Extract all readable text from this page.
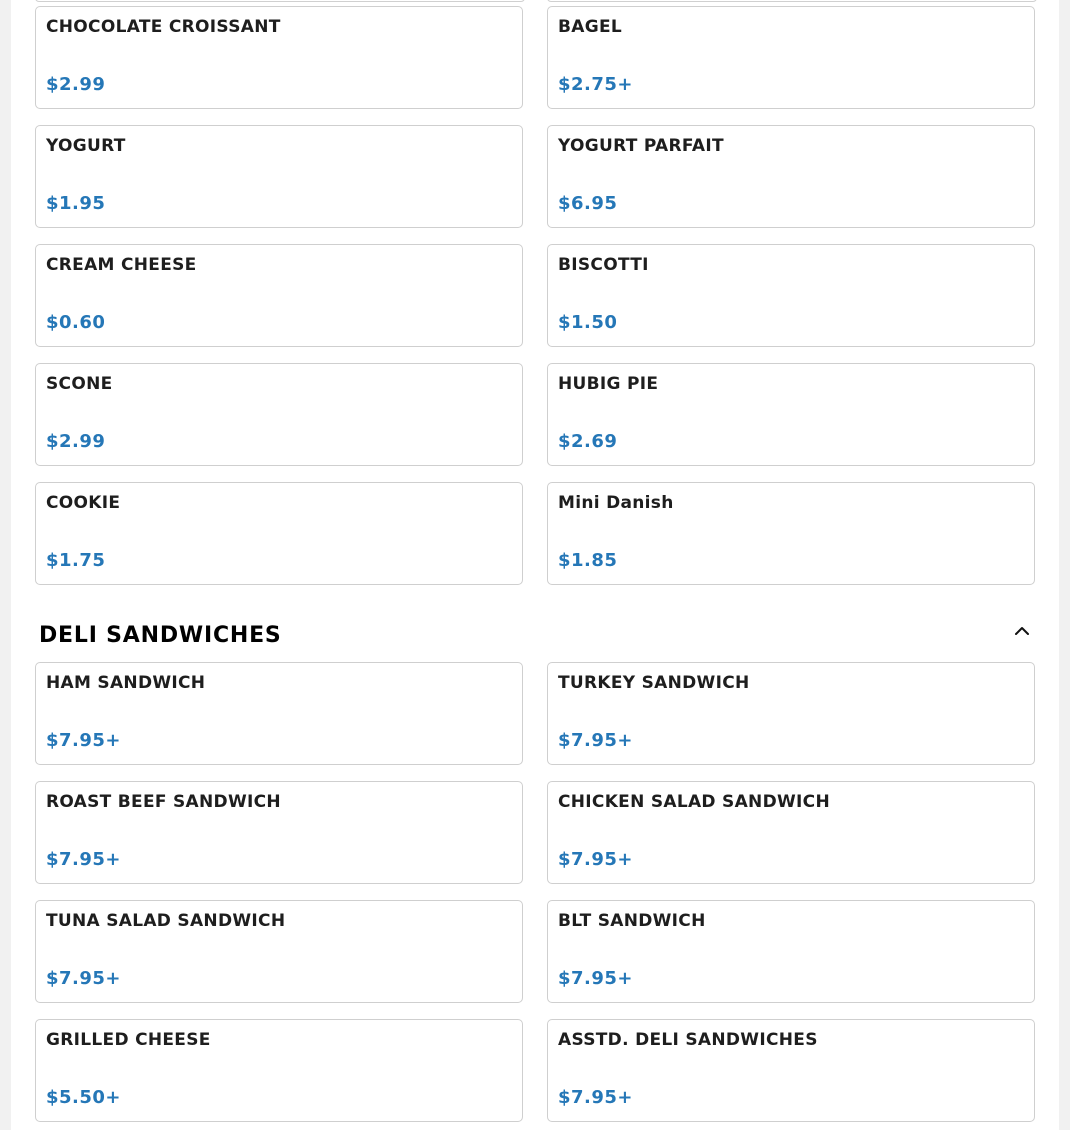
CHOCOLATE CROISSANT
$2.99
BAGEL
$2.75+
YOGURT
$1.95
YOGURT PARFAIT
$6.95
CREAM CHEESE
$0.60
BISCOTTI
$1.50
SCONE
$2.99
HUBIG PIE
$2.69
COOKIE
$1.75
Mini Danish
$1.85
DELI SANDWICHES
HAM SANDWICH
$7.95+
TURKEY SANDWICH
$7.95+
ROAST BEEF SANDWICH
$7.95+
CHICKEN SALAD SANDWICH
$7.95+
TUNA SALAD SANDWICH
$7.95+
BLT SANDWICH
$7.95+
GRILLED CHEESE
$5.50+
ASSTD. DELI SANDWICHES
$7.95+
